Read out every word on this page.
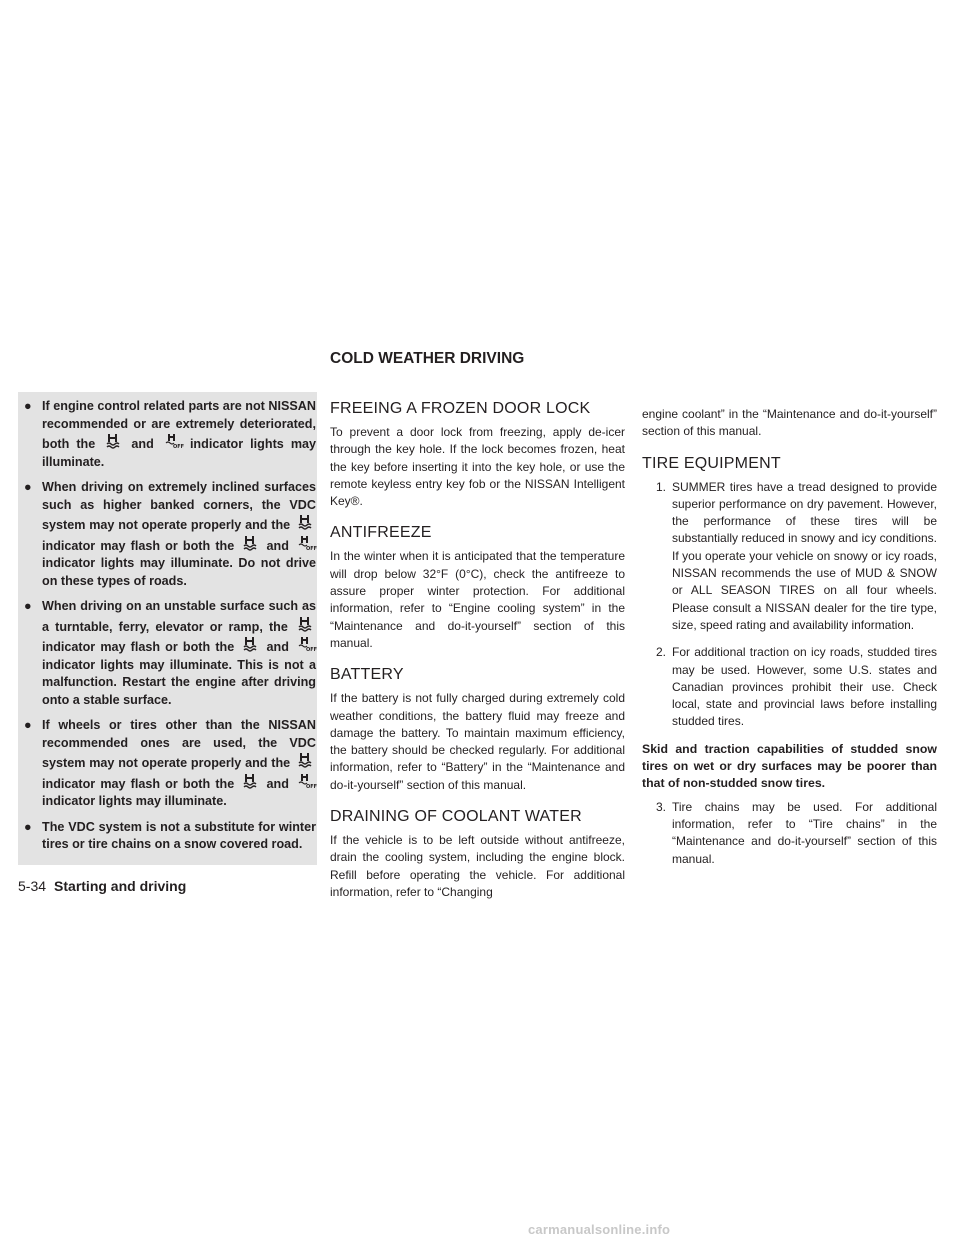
COLD WEATHER DRIVING
● If engine control related parts are not NISSAN recommended or are extremely deteriorated, both the	and	OFF indicator lights may illuminate.
● When driving on extremely inclined surfaces such as higher banked corners, the VDC system may not operate properly and the  indicator may flash or both the	and	OFF
indicator lights may illuminate. Do not drive on these types of roads.
● When driving on an unstable surface such as a turntable, ferry, elevator or ramp, the  indicator may flash or both the	and	OFF
indicator lights may illuminate. This is not a malfunction. Restart the engine after driving onto a stable surface.
● If wheels or tires other than the NISSAN recommended ones are used, the VDC system may not operate properly and the  indicator may flash or both the	and	OFF
indicator lights may illuminate.
● The VDC system is not a substitute for winter tires or tire chains on a snow covered road.
FREEING A FROZEN DOOR LOCK
To prevent a door lock from freezing, apply de-icer through the key hole. If the lock becomes frozen, heat the key before inserting it into the key hole, or use the remote keyless entry key fob or the NISSAN Intelligent Key®.
ANTIFREEZE
In the winter when it is anticipated that the temperature will drop below 32°F (0°C), check the antifreeze to assure proper winter protection. For additional information, refer to “Engine cooling system” in the “Maintenance and do-it-yourself” section of this manual.
BATTERY
If the battery is not fully charged during extremely cold weather conditions, the battery fluid may freeze and damage the battery. To maintain maximum efficiency, the battery should be checked regularly. For additional information, refer to “Battery” in the “Maintenance and do-it-yourself” section of this manual.
DRAINING OF COOLANT WATER
If the vehicle is to be left outside without antifreeze, drain the cooling system, including the engine block. Refill before operating the vehicle. For additional information, refer to “Changing
engine coolant” in the “Maintenance and do-it-yourself” section of this manual.
TIRE EQUIPMENT
1. SUMMER tires have a tread designed to provide superior performance on dry pavement. However, the performance of these tires will be substantially reduced in snowy and icy conditions. If you operate your vehicle on snowy or icy roads, NISSAN recommends the use of MUD & SNOW or ALL SEASON TIRES on all four wheels. Please consult a NISSAN dealer for the tire type, size, speed rating and availability information.
2. For additional traction on icy roads, studded tires may be used. However, some U.S. states and Canadian provinces prohibit their use. Check local, state and provincial laws before installing studded tires.
Skid and traction capabilities of studded snow tires on wet or dry surfaces may be poorer than that of non-studded snow tires.
3. Tire chains may be used. For additional information, refer to “Tire chains” in the “Maintenance and do-it-yourself” section of this manual.
5-34 Starting and driving
carmanualsonline.info
